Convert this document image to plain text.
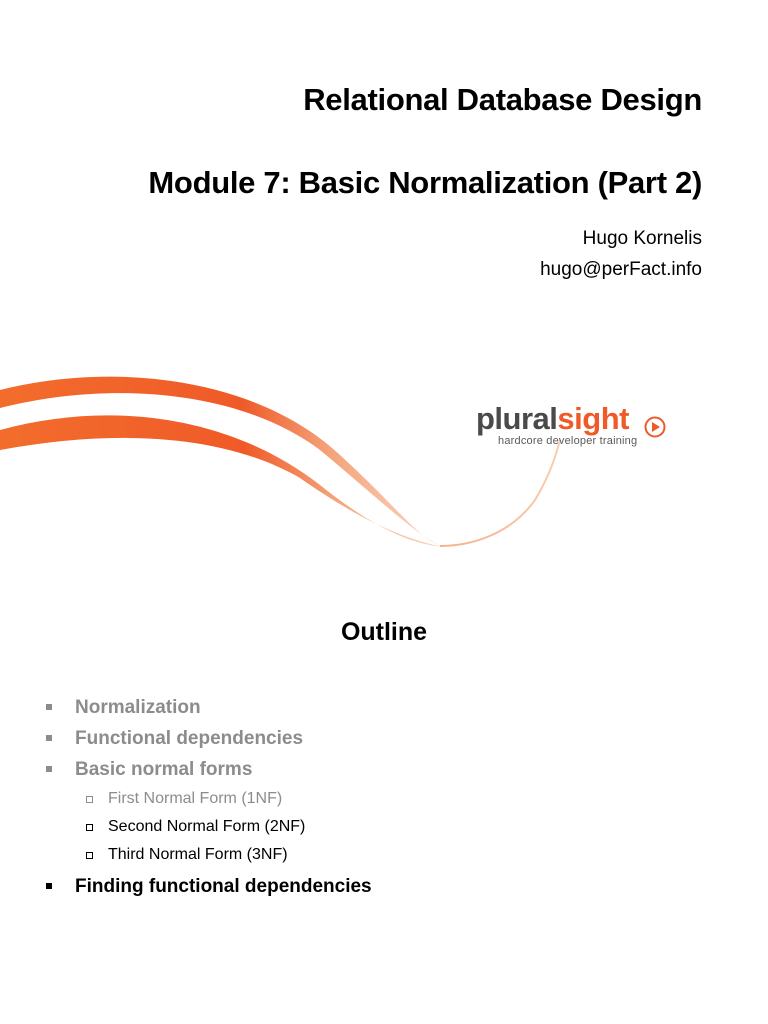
Relational Database Design
Module 7: Basic Normalization (Part 2)
Hugo Kornelis
hugo@perFact.info
pluralsight
hardcore developer training
Outline
Normalization
Functional dependencies
Basic normal forms
First Normal Form (1NF)
Second Normal Form (2NF)
Third Normal Form (3NF)
Finding functional dependencies
